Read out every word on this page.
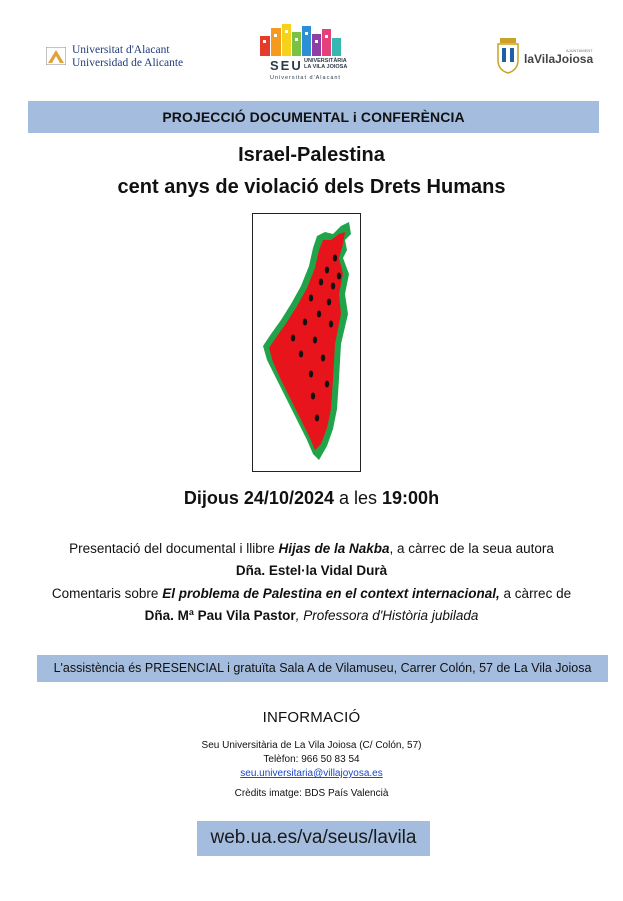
Universitat d'Alacant
Universidad de Alicante	SEU UNIVERSITÀRIA
LA VILA JOIOSA
Universitat d'Alacant
AJUNTAMENT
laVilaJoiosa
PROJECCIÓ DOCUMENTAL i CONFERÈNCIA
Israel-Palestina
cent anys de violació dels Drets Humans
Dijous 24/10/2024 a les 19:00h
Presentació del documental i llibre Hijas de la Nakba, a càrrec de la seua autora
Dña. Estel·la Vidal Durà
Comentaris sobre El problema de Palestina en el context internacional, a càrrec de
Dña. Mª Pau Vila Pastor, Professora d'Història jubilada
L'assistència és PRESENCIAL i gratuïta Sala A de Vilamuseu, Carrer Colón, 57 de La Vila Joiosa
INFORMACIÓ
Seu Universitària de La Vila Joiosa (C/ Colón, 57)
Telèfon: 966 50 83 54
seu.universitaria@villajoyosa.es
Crèdits imatge: BDS País Valencià
web.ua.es/va/seus/lavila
